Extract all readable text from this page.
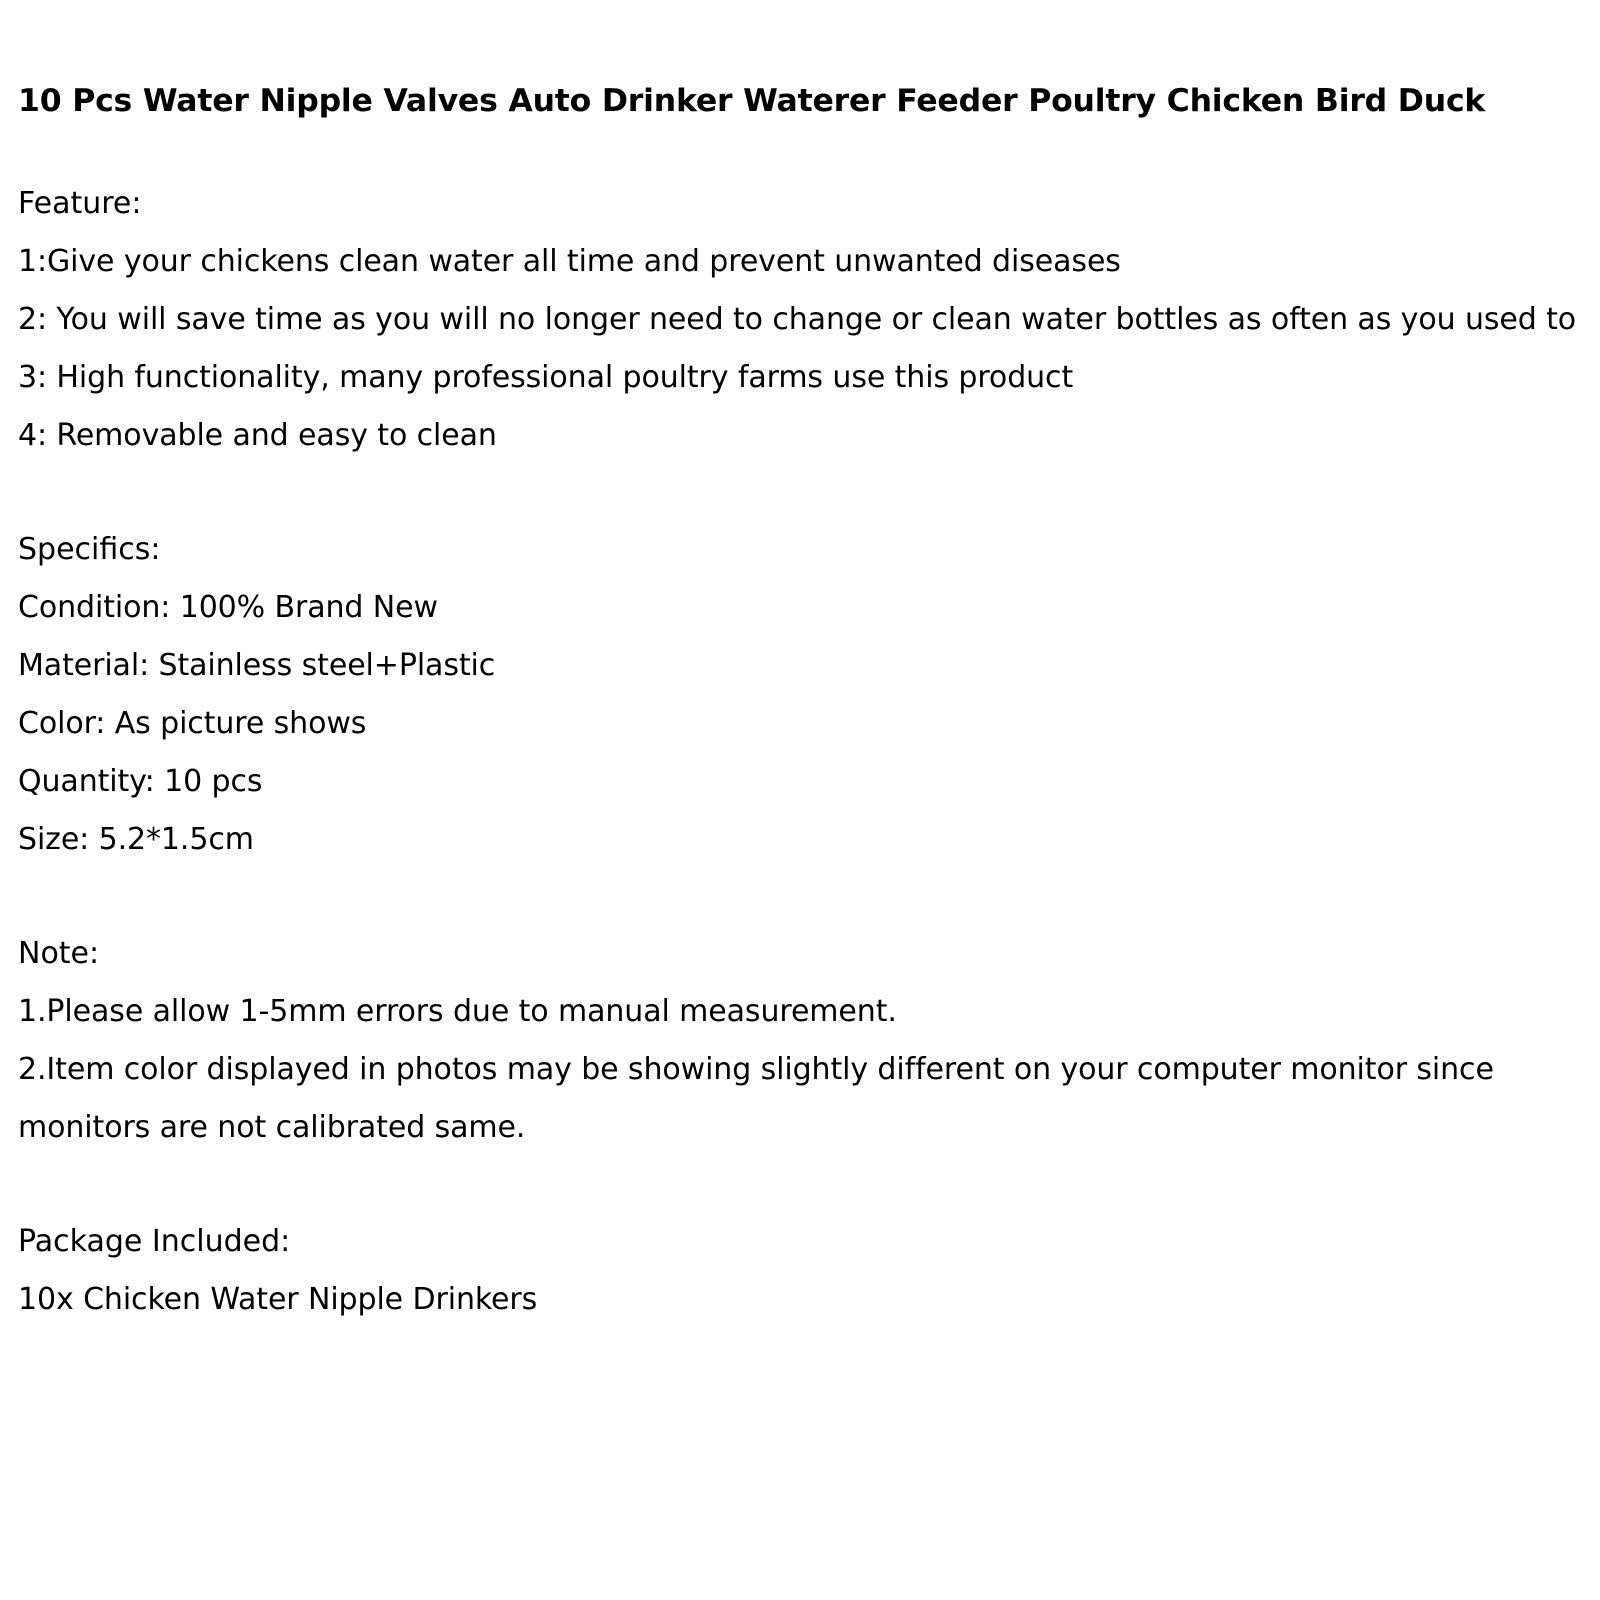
10 Pcs Water Nipple Valves Auto Drinker Waterer Feeder Poultry Chicken Bird Duck
Feature:
1:Give your chickens clean water all time and prevent unwanted diseases
2: You will save time as you will no longer need to change or clean water bottles as often as you used to
3: High functionality, many professional poultry farms use this product
4: Removable and easy to clean
Specifics:
Condition: 100% Brand New
Material: Stainless steel+Plastic
Color: As picture shows
Quantity: 10 pcs
Size: 5.2*1.5cm
Note:
1.Please allow 1-5mm errors due to manual measurement.
2.Item color displayed in photos may be showing slightly different on your computer monitor since monitors are not calibrated same.
Package Included:
10x Chicken Water Nipple Drinkers
